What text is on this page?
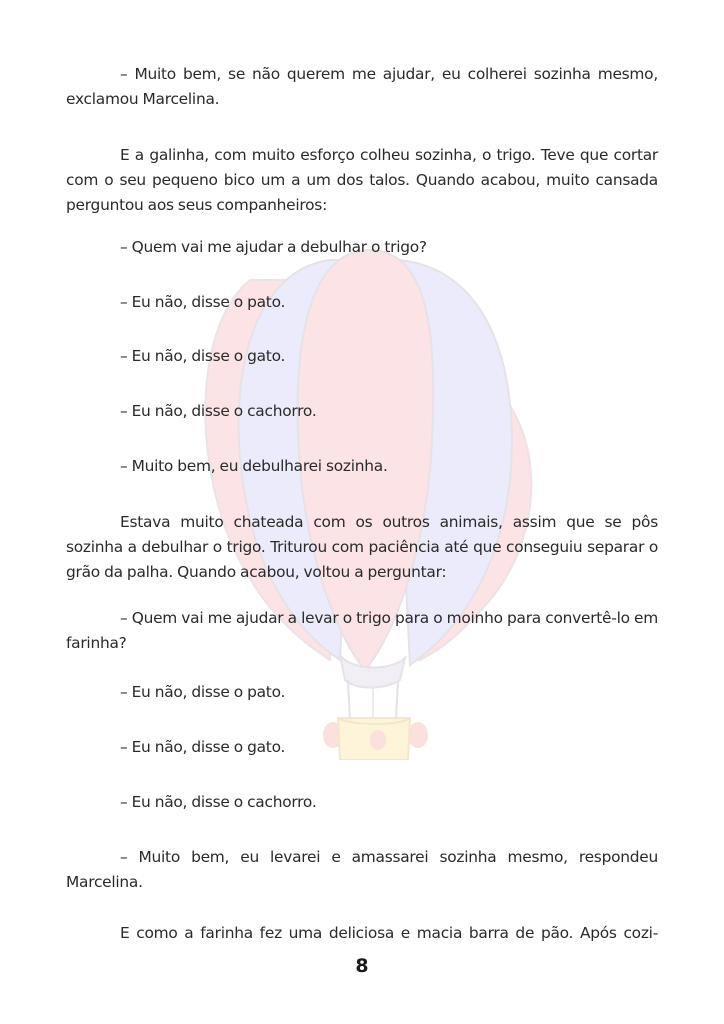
– Muito bem, se não querem me ajudar, eu colherei sozinha mesmo, exclamou Marcelina.

E a galinha, com muito esforço colheu sozinha, o trigo. Teve que cortar com o seu pequeno bico um a um dos talos. Quando acabou, muito cansada perguntou aos seus companheiros:

– Quem vai me ajudar a debulhar o trigo?

– Eu não, disse o pato.

– Eu não, disse o gato.

– Eu não, disse o cachorro.

– Muito bem, eu debulharei sozinha.

Estava muito chateada com os outros animais, assim que se pôs sozinha a debulhar o trigo. Triturou com paciência até que conseguiu separar o grão da palha. Quando acabou, voltou a perguntar:

– Quem vai me ajudar a levar o trigo para o moinho para convertê-lo em farinha?

– Eu não, disse o pato.

– Eu não, disse o gato.

– Eu não, disse o cachorro.

– Muito bem, eu levarei e amassarei sozinha mesmo, respondeu Marcelina.

E como a farinha fez uma deliciosa e macia barra de pão. Após cozi-

8
